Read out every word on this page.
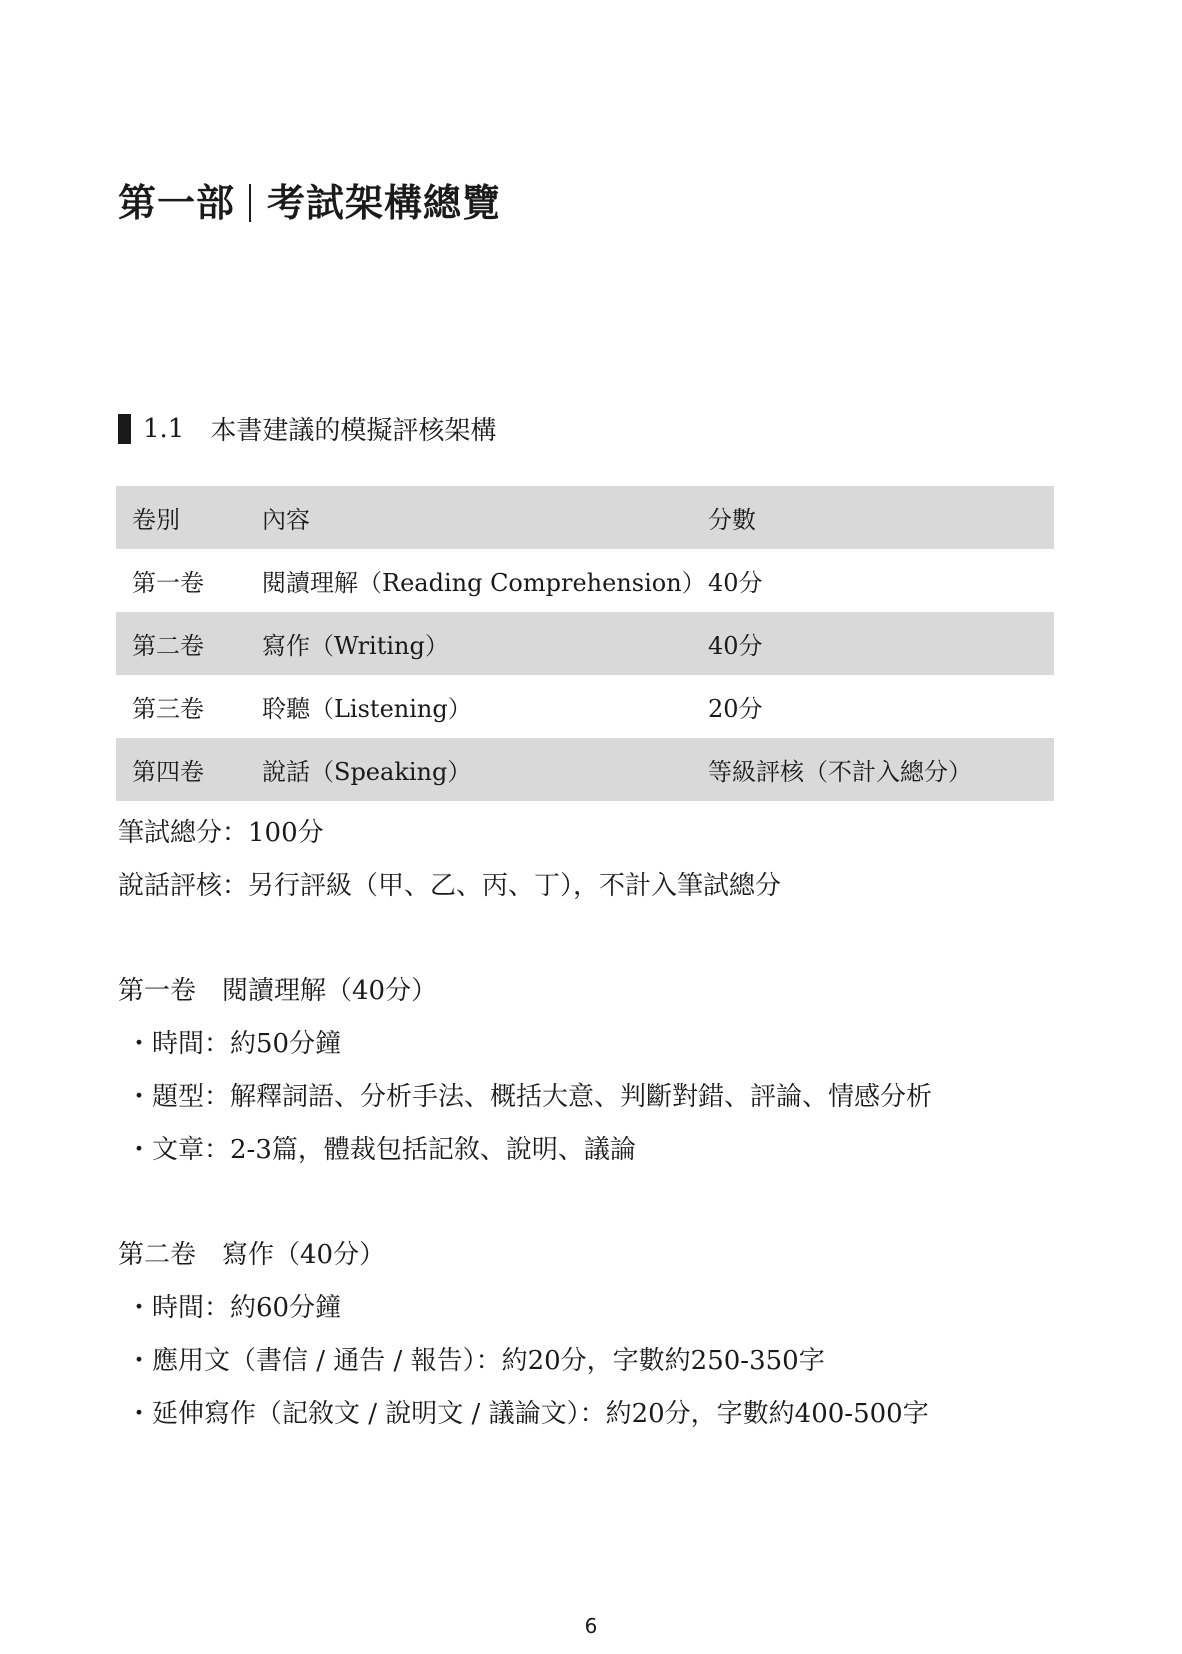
第一部 考試架構總覽
1.1 本書建議的模擬評核架構
卷別	內容	分數
第一卷	閱讀理解（Reading Comprehension）	40分
第二卷	寫作（Writing）	40分
第三卷	聆聽（Listening）	20分
第四卷	說話（Speaking）	等級評核（不計入總分）
筆試總分：100分
說話評核：另行評級（甲、乙、丙、丁），不計入筆試總分
第一卷 閱讀理解（40分）
・時間：約50分鐘
・題型：解釋詞語、分析手法、概括大意、判斷對錯、評論、情感分析
・文章：2-3篇，體裁包括記敘、說明、議論
第二卷 寫作（40分）
・時間：約60分鐘
・應用文（書信 / 通告 / 報告）：約20分，字數約250-350字
・延伸寫作（記敘文 / 說明文 / 議論文）：約20分，字數約400-500字
6
